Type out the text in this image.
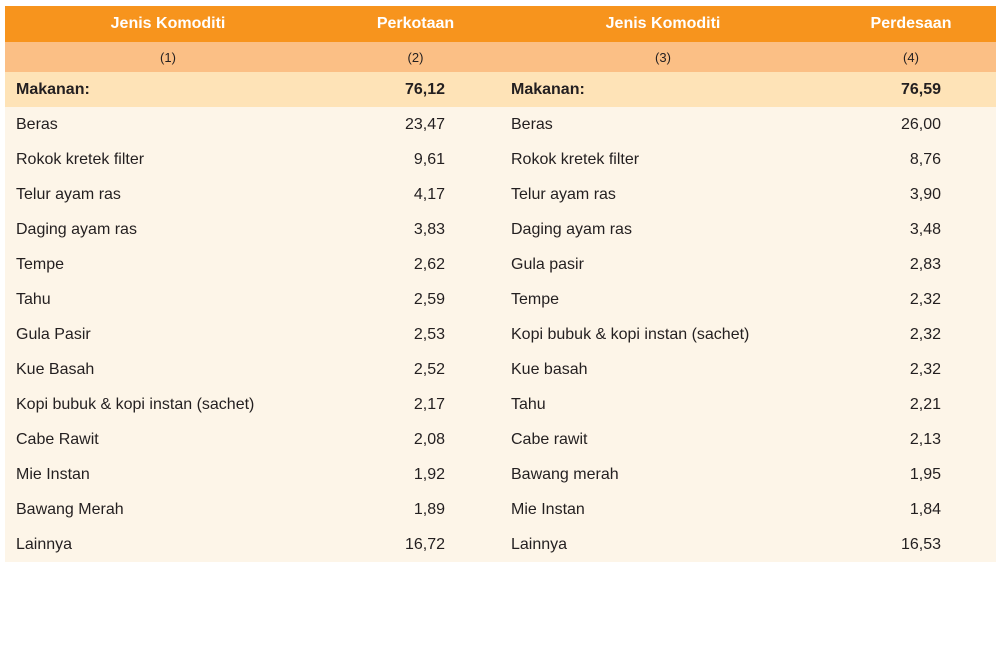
Jenis Komoditi	Perkotaan	Jenis Komoditi	Perdesaan
(1)	(2)	(3)	(4)
Makanan:	76,12	Makanan:	76,59
Beras	23,47	Beras	26,00
Rokok kretek filter	9,61	Rokok kretek filter	8,76
Telur ayam ras	4,17	Telur ayam ras	3,90
Daging ayam ras	3,83	Daging ayam ras	3,48
Tempe	2,62	Gula pasir	2,83
Tahu	2,59	Tempe	2,32
Gula Pasir	2,53	Kopi bubuk & kopi instan (sachet)	2,32
Kue Basah	2,52	Kue basah	2,32
Kopi bubuk & kopi instan (sachet)	2,17	Tahu	2,21
Cabe Rawit	2,08	Cabe rawit	2,13
Mie Instan	1,92	Bawang merah	1,95
Bawang Merah	1,89	Mie Instan	1,84
Lainnya	16,72	Lainnya	16,53
